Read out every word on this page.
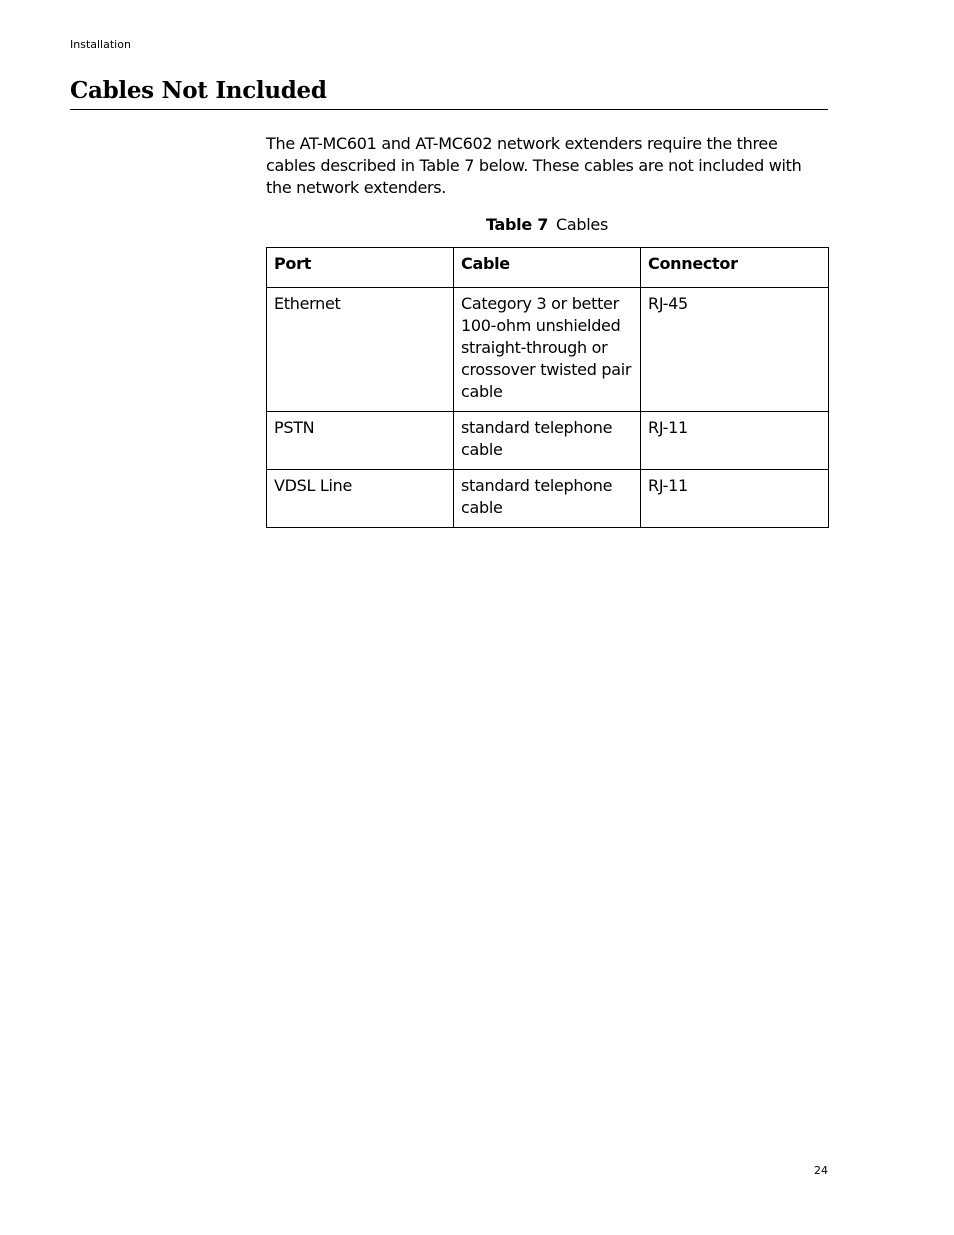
Installation
Cables Not Included

The AT-MC601 and AT-MC602 network extenders require the three cables described in Table 7 below. These cables are not included with the network extenders.

Table 7 Cables
Port	Cable	Connector
Ethernet	Category 3 or better 100-ohm unshielded straight-through or crossover twisted pair cable	RJ-45
PSTN	standard telephone cable	RJ-11
VDSL Line	standard telephone cable	RJ-11
24
